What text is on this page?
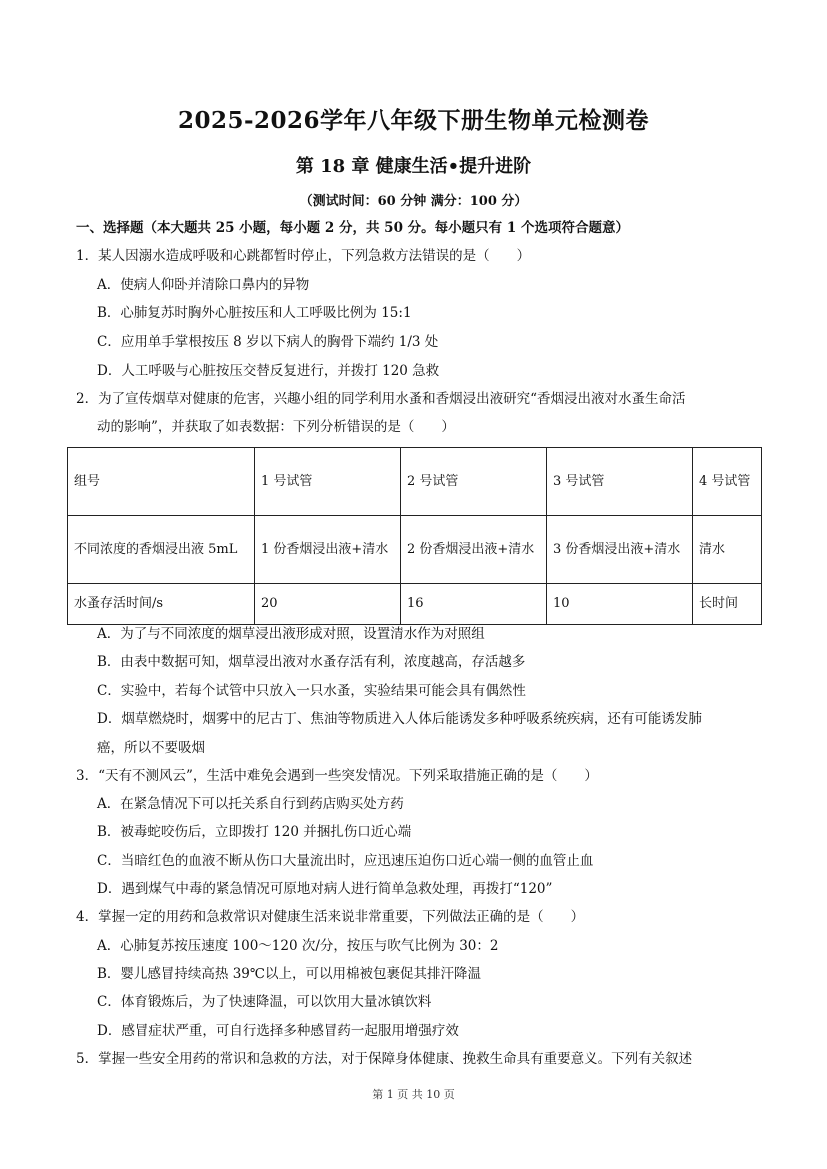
2025-2026学年八年级下册生物单元检测卷
第 18 章 健康生活•提升进阶
（测试时间：60 分钟 满分：100 分）
一、选择题（本大题共 25 小题，每小题 2 分，共 50 分。每小题只有 1 个选项符合题意）
1．某人因溺水造成呼吸和心跳都暂时停止，下列急救方法错误的是（　　）
A．使病人仰卧并清除口鼻内的异物
B．心肺复苏时胸外心脏按压和人工呼吸比例为 15:1
C．应用单手掌根按压 8 岁以下病人的胸骨下端约 1/3 处
D．人工呼吸与心脏按压交替反复进行，并拨打 120 急救
2．为了宣传烟草对健康的危害，兴趣小组的同学利用水蚤和香烟浸出液研究“香烟浸出液对水蚤生命活
动的影响”，并获取了如表数据：下列分析错误的是（　　）
组号	1 号试管	2 号试管	3 号试管	4 号试管
不同浓度的香烟浸出液 5mL	1 份香烟浸出液+清水	2 份香烟浸出液+清水	3 份香烟浸出液+清水	清水
水蚤存活时间/s	20	16	10	长时间
A．为了与不同浓度的烟草浸出液形成对照，设置清水作为对照组
B．由表中数据可知，烟草浸出液对水蚤存活有利，浓度越高，存活越多
C．实验中，若每个试管中只放入一只水蚤，实验结果可能会具有偶然性
D．烟草燃烧时，烟雾中的尼古丁、焦油等物质进入人体后能诱发多种呼吸系统疾病，还有可能诱发肺
癌，所以不要吸烟
3．“天有不测风云”，生活中难免会遇到一些突发情况。下列采取措施正确的是（　　）
A．在紧急情况下可以托关系自行到药店购买处方药
B．被毒蛇咬伤后，立即拨打 120 并捆扎伤口近心端
C．当暗红色的血液不断从伤口大量流出时，应迅速压迫伤口近心端一侧的血管止血
D．遇到煤气中毒的紧急情况可原地对病人进行简单急救处理，再拨打“120”
4．掌握一定的用药和急救常识对健康生活来说非常重要，下列做法正确的是（　　）
A．心肺复苏按压速度 100～120 次/分，按压与吹气比例为 30：2
B．婴儿感冒持续高热 39℃以上，可以用棉被包裹促其排汗降温
C．体育锻炼后，为了快速降温，可以饮用大量冰镇饮料
D．感冒症状严重，可自行选择多种感冒药一起服用增强疗效
5．掌握一些安全用药的常识和急救的方法，对于保障身体健康、挽救生命具有重要意义。下列有关叙述
第 1 页 共 10 页
